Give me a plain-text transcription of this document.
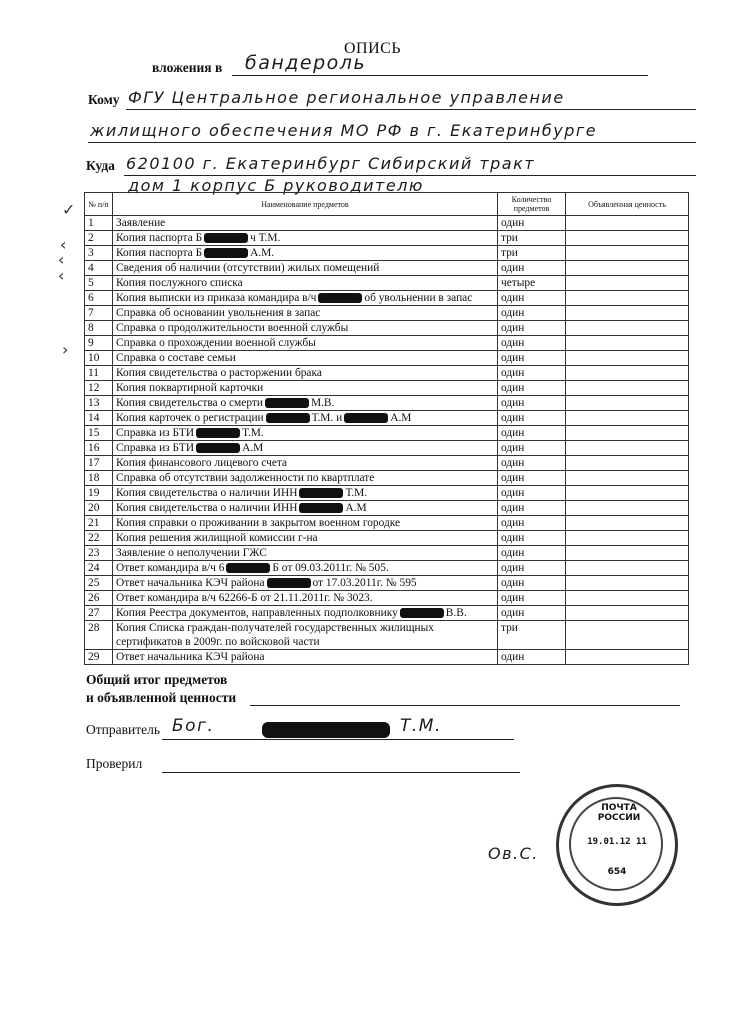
ОПИСЬ
вложения в бандероль
Кому ФГУ Центральное региональное управление
жилищного обеспечения МО РФ в г. Екатеринбурге
Куда 620100 г. Екатеринбург Сибирский тракт
дом 1 корпус Б руководителю
✓
‹
‹
‹
›
№ п/п	Наименование предметов	Количество предметов	Объявленная ценность
1	Заявление	один	
2	Копия паспорта Б ч Т.М.	три	
3	Копия паспорта Б А.М.	три	
4	Сведения об наличии (отсутствии) жилых помещений	один	
5	Копия послужного списка	четыре	
6	Копия выписки из приказа командира в/ч об увольнении в запас	один	
7	Справка об основании увольнения в запас	один	
8	Справка о продолжительности военной службы	один	
9	Справка о прохождении военной службы	один	
10	Справка о составе семьи	один	
11	Копия свидетельства о расторжении брака	один	
12	Копия поквартирной карточки	один	
13	Копия свидетельства о смерти М.В.	один	
14	Копия карточек о регистрации Т.М. и А.М	один	
15	Справка из БТИ Т.М.	один	
16	Справка из БТИ А.М	один	
17	Копия финансового лицевого счета	один	
18	Справка об отсутствии задолженности по квартплате	один	
19	Копия свидетельства о наличии ИНН Т.М.	один	
20	Копия свидетельства о наличии ИНН А.М	один	
21	Копия справки о проживании в закрытом военном городке	один	
22	Копия решения жилищной комиссии г-на	один	
23	Заявление о неполучении ГЖС	один	
24	Ответ командира в/ч 6 Б от 09.03.2011г. № 505.	один	
25	Ответ начальника КЭЧ района от 17.03.2011г. № 595	один	
26	Ответ командира в/ч 62266-Б от 21.11.2011г. № 3023.	один	
27	Копия Реестра документов, направленных подполковнику В.В.	один	
28	Копия Списка граждан-получателей государственных жилищных сертификатов в 2009г. по войсковой части	три	
29	Ответ начальника КЭЧ района	один	
Общий итог предметов
и объявленной ценности
Отправитель Бог.	Т.М.
Проверил
ПОЧТА РОССИИ
19.01.12 11
654
Ов.С.
